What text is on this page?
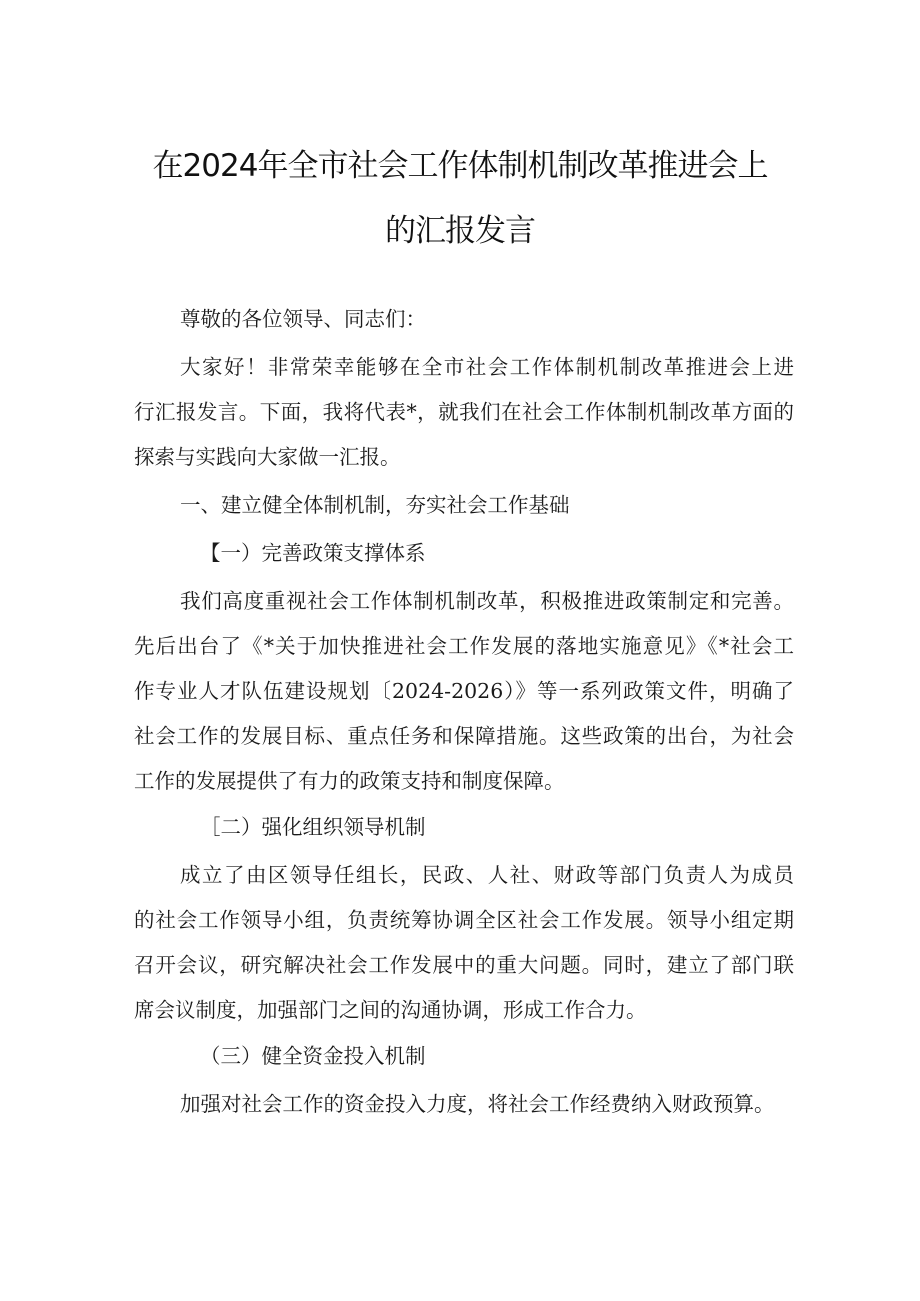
在2024年全市社会工作体制机制改革推进会上
的汇报发言

尊敬的各位领导、同志们：

大家好！非常荣幸能够在全市社会工作体制机制改革推进会上进

行汇报发言。下面，我将代表*，就我们在社会工作体制机制改革方面的

探索与实践向大家做一汇报。

一、建立健全体制机制，夯实社会工作基础

【一）完善政策支撑体系

我们高度重视社会工作体制机制改革，积极推进政策制定和完善。

先后出台了《*关于加快推进社会工作发展的落地实施意见》《*社会工

作专业人才队伍建设规划〔2024-2026）》等一系列政策文件，明确了

社会工作的发展目标、重点任务和保障措施。这些政策的出台，为社会

工作的发展提供了有力的政策支持和制度保障。

［二）强化组织领导机制

成立了由区领导任组长，民政、人社、财政等部门负责人为成员

的社会工作领导小组，负责统筹协调全区社会工作发展。领导小组定期

召开会议，研究解决社会工作发展中的重大问题。同时，建立了部门联

席会议制度，加强部门之间的沟通协调，形成工作合力。

（三）健全资金投入机制

加强对社会工作的资金投入力度，将社会工作经费纳入财政预算。
